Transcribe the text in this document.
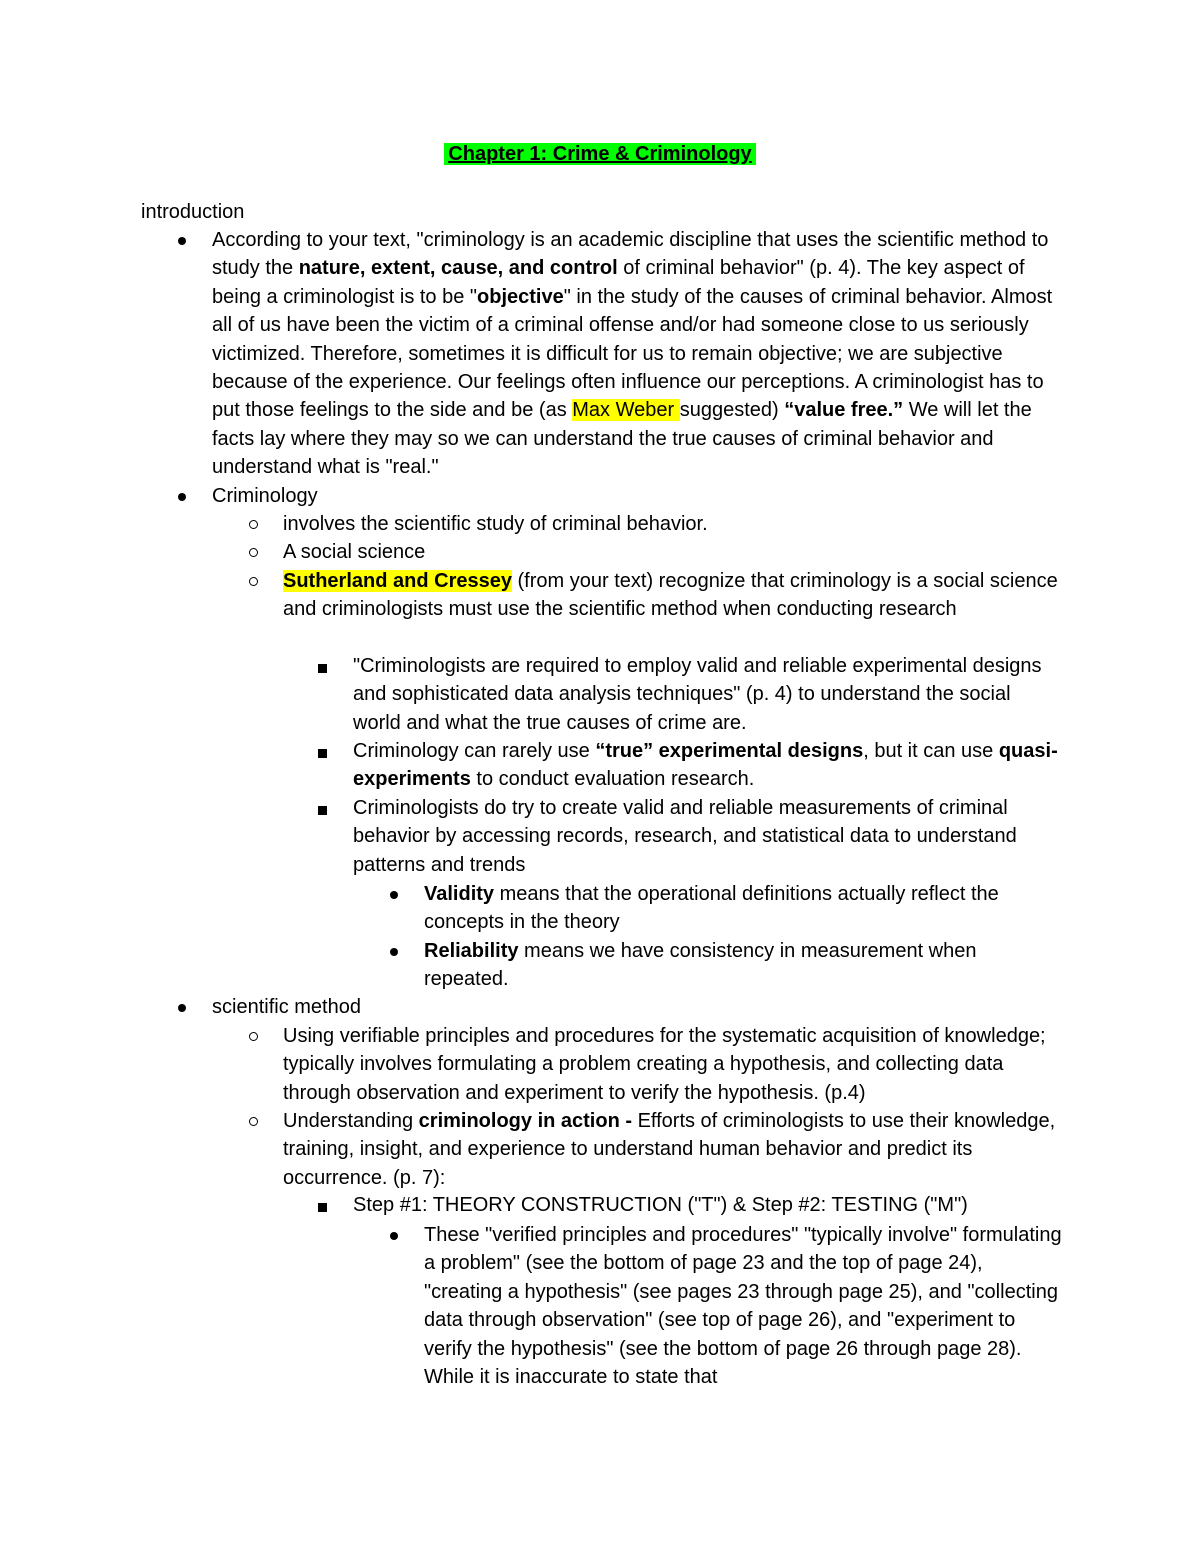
Chapter 1: Crime & Criminology
introduction
According to your text, "criminology is an academic discipline that uses the scientific method to study the nature, extent, cause, and control of criminal behavior" (p. 4). The key aspect of being a criminologist is to be "objective" in the study of the causes of criminal behavior. Almost all of us have been the victim of a criminal offense and/or had someone close to us seriously victimized. Therefore, sometimes it is difficult for us to remain objective; we are subjective because of the experience. Our feelings often influence our perceptions. A criminologist has to put those feelings to the side and be (as Max Weber suggested) “value free.” We will let the facts lay where they may so we can understand the true causes of criminal behavior and understand what is "real."
Criminology
involves the scientific study of criminal behavior.
A social science
Sutherland and Cressey (from your text) recognize that criminology is a social science and criminologists must use the scientific method when conducting research
"Criminologists are required to employ valid and reliable experimental designs and sophisticated data analysis techniques" (p. 4) to understand the social world and what the true causes of crime are.
Criminology can rarely use “true” experimental designs, but it can use quasi-experiments to conduct evaluation research.
Criminologists do try to create valid and reliable measurements of criminal behavior by accessing records, research, and statistical data to understand patterns and trends
Validity means that the operational definitions actually reflect the concepts in the theory
Reliability means we have consistency in measurement when repeated.
scientific method
Using verifiable principles and procedures for the systematic acquisition of knowledge; typically involves formulating a problem creating a hypothesis, and collecting data through observation and experiment to verify the hypothesis. (p.4)
Understanding criminology in action - Efforts of criminologists to use their knowledge, training, insight, and experience to understand human behavior and predict its occurrence. (p. 7):
Step #1: THEORY CONSTRUCTION ("T") & Step #2: TESTING ("M")
These "verified principles and procedures" "typically involve" formulating a problem" (see the bottom of page 23 and the top of page 24), "creating a hypothesis" (see pages 23 through page 25), and "collecting data through observation" (see top of page 26), and "experiment to verify the hypothesis" (see the bottom of page 26 through page 28). While it is inaccurate to state that
